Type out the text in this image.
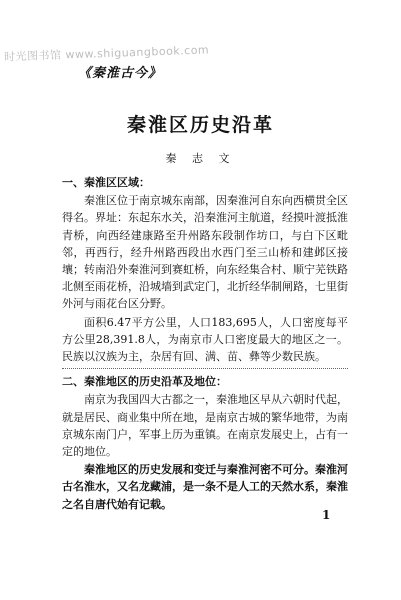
时光图书馆 www.shiguangbook.com
《秦淮古今》
秦淮区历史沿革
秦 志 文
一、秦淮区区域：

秦淮区位于南京城东南部，因秦淮河自东向西横贯全区得名。界址：东起东水关，沿秦淮河主航道，经摸叶渡抵淮青桥，向西经建康路至升州路东段制作坊口，与白下区毗邻，再西行，经升州路西段出水西门至三山桥和建邺区接壤；转南沿外秦淮河到赛虹桥，向东经集合村、顺宁芜铁路北侧至雨花桥，沿城墙到武定门，北折经华制闸路，七里街外河与雨花台区分野。

面积6.47平方公里，人口183,695人，人口密度每平方公里28,391.8人，为南京市人口密度最大的地区之一。民族以汉族为主，杂居有回、满、苗、彝等少数民族。

二、秦淮地区的历史沿革及地位：

南京为我国四大古都之一，秦淮地区早从六朝时代起，就是居民、商业集中所在地，是南京古城的繁华地带，为南京城东南门户，军事上历为重镇。在南京发展史上，占有一定的地位。

秦淮地区的历史发展和变迁与秦淮河密不可分。秦淮河古名淮水，又名龙藏浦，是一条不是人工的天然水系，秦淮之名自唐代始有记载。

1
